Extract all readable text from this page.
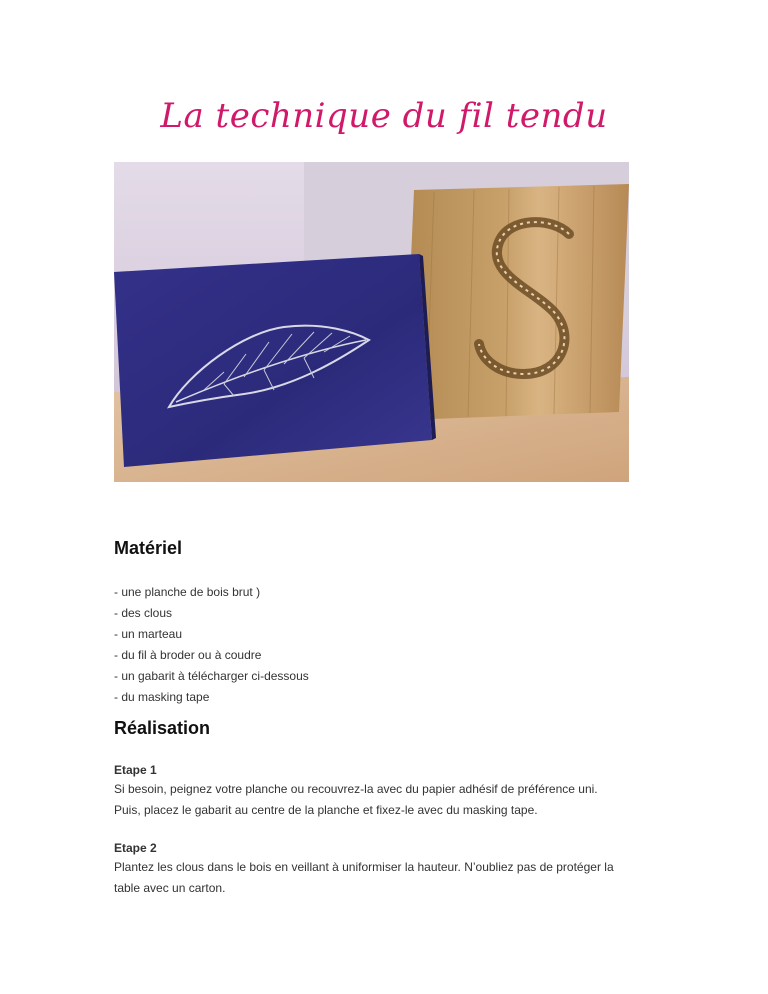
La technique du fil tendu
Matériel
- une planche de bois brut )
- des clous
- un marteau
- du fil à broder ou à coudre
- un gabarit à télécharger ci-dessous
- du masking tape
Réalisation
Etape 1

Si besoin, peignez votre planche ou recouvrez-la avec du papier adhésif de préférence uni.
Puis, placez le gabarit au centre de la planche et fixez-le avec du masking tape.

Etape 2

Plantez les clous dans le bois en veillant à uniformiser la hauteur. N’oubliez pas de protéger la
table avec un carton.
